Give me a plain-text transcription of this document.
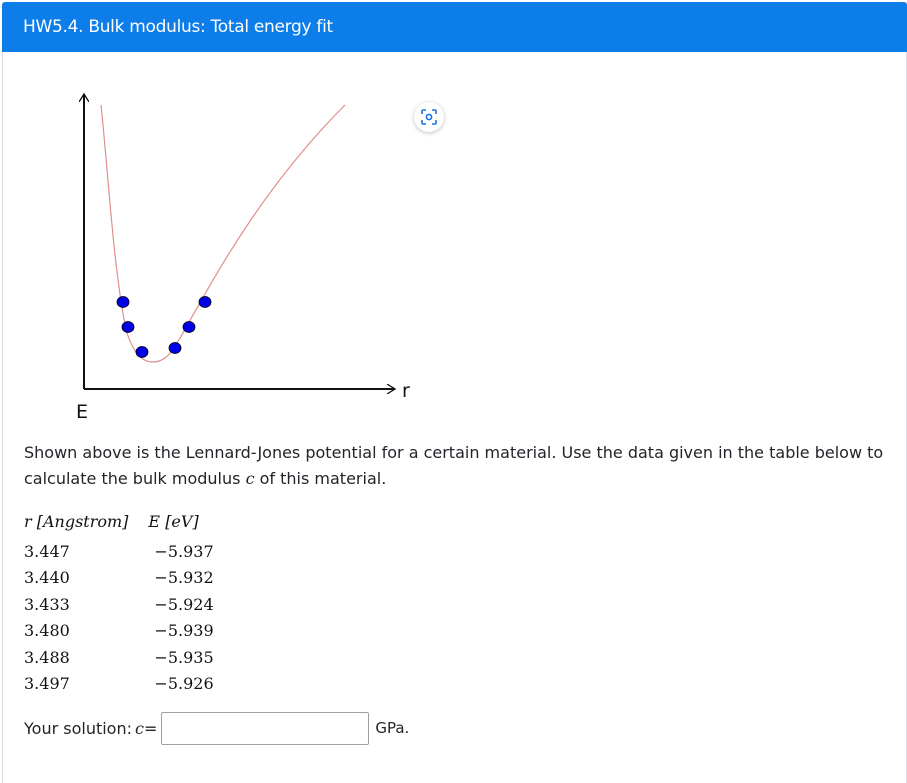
HW5.4. Bulk modulus: Total energy fit
r
E
Shown above is the Lennard-Jones potential for a certain material. Use the data given in the table below to calculate the bulk modulus c of this material.
r [Angstrom]	E [eV]
3.447	−5.937
3.440	−5.932
3.433	−5.924
3.480	−5.939
3.488	−5.935
3.497	−5.926
Your solution: c =	GPa.
